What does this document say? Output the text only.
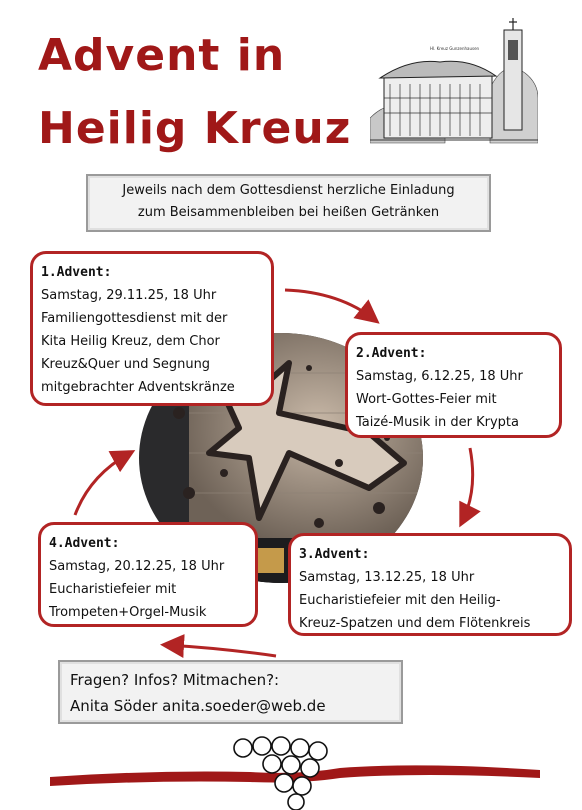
Advent in
Heilig Kreuz
Hl. Kreuz Gunzenhausen
Jeweils nach dem Gottesdienst herzliche Einladung
zum Beisammenbleiben bei heißen Getränken
1.Advent:
Samstag, 29.11.25, 18 Uhr
Familiengottesdienst mit der
Kita Heilig Kreuz, dem Chor
Kreuz&Quer und Segnung
mitgebrachter Adventskränze
2.Advent:
Samstag, 6.12.25, 18 Uhr
Wort-Gottes-Feier mit
Taizé-Musik in der Krypta
3.Advent:
Samstag, 13.12.25, 18 Uhr
Eucharistiefeier mit den Heilig-
Kreuz-Spatzen und dem Flötenkreis
4.Advent:
Samstag, 20.12.25, 18 Uhr
Eucharistiefeier mit
Trompeten+Orgel-Musik
Fragen? Infos? Mitmachen?:
Anita Söder anita.soeder@web.de
